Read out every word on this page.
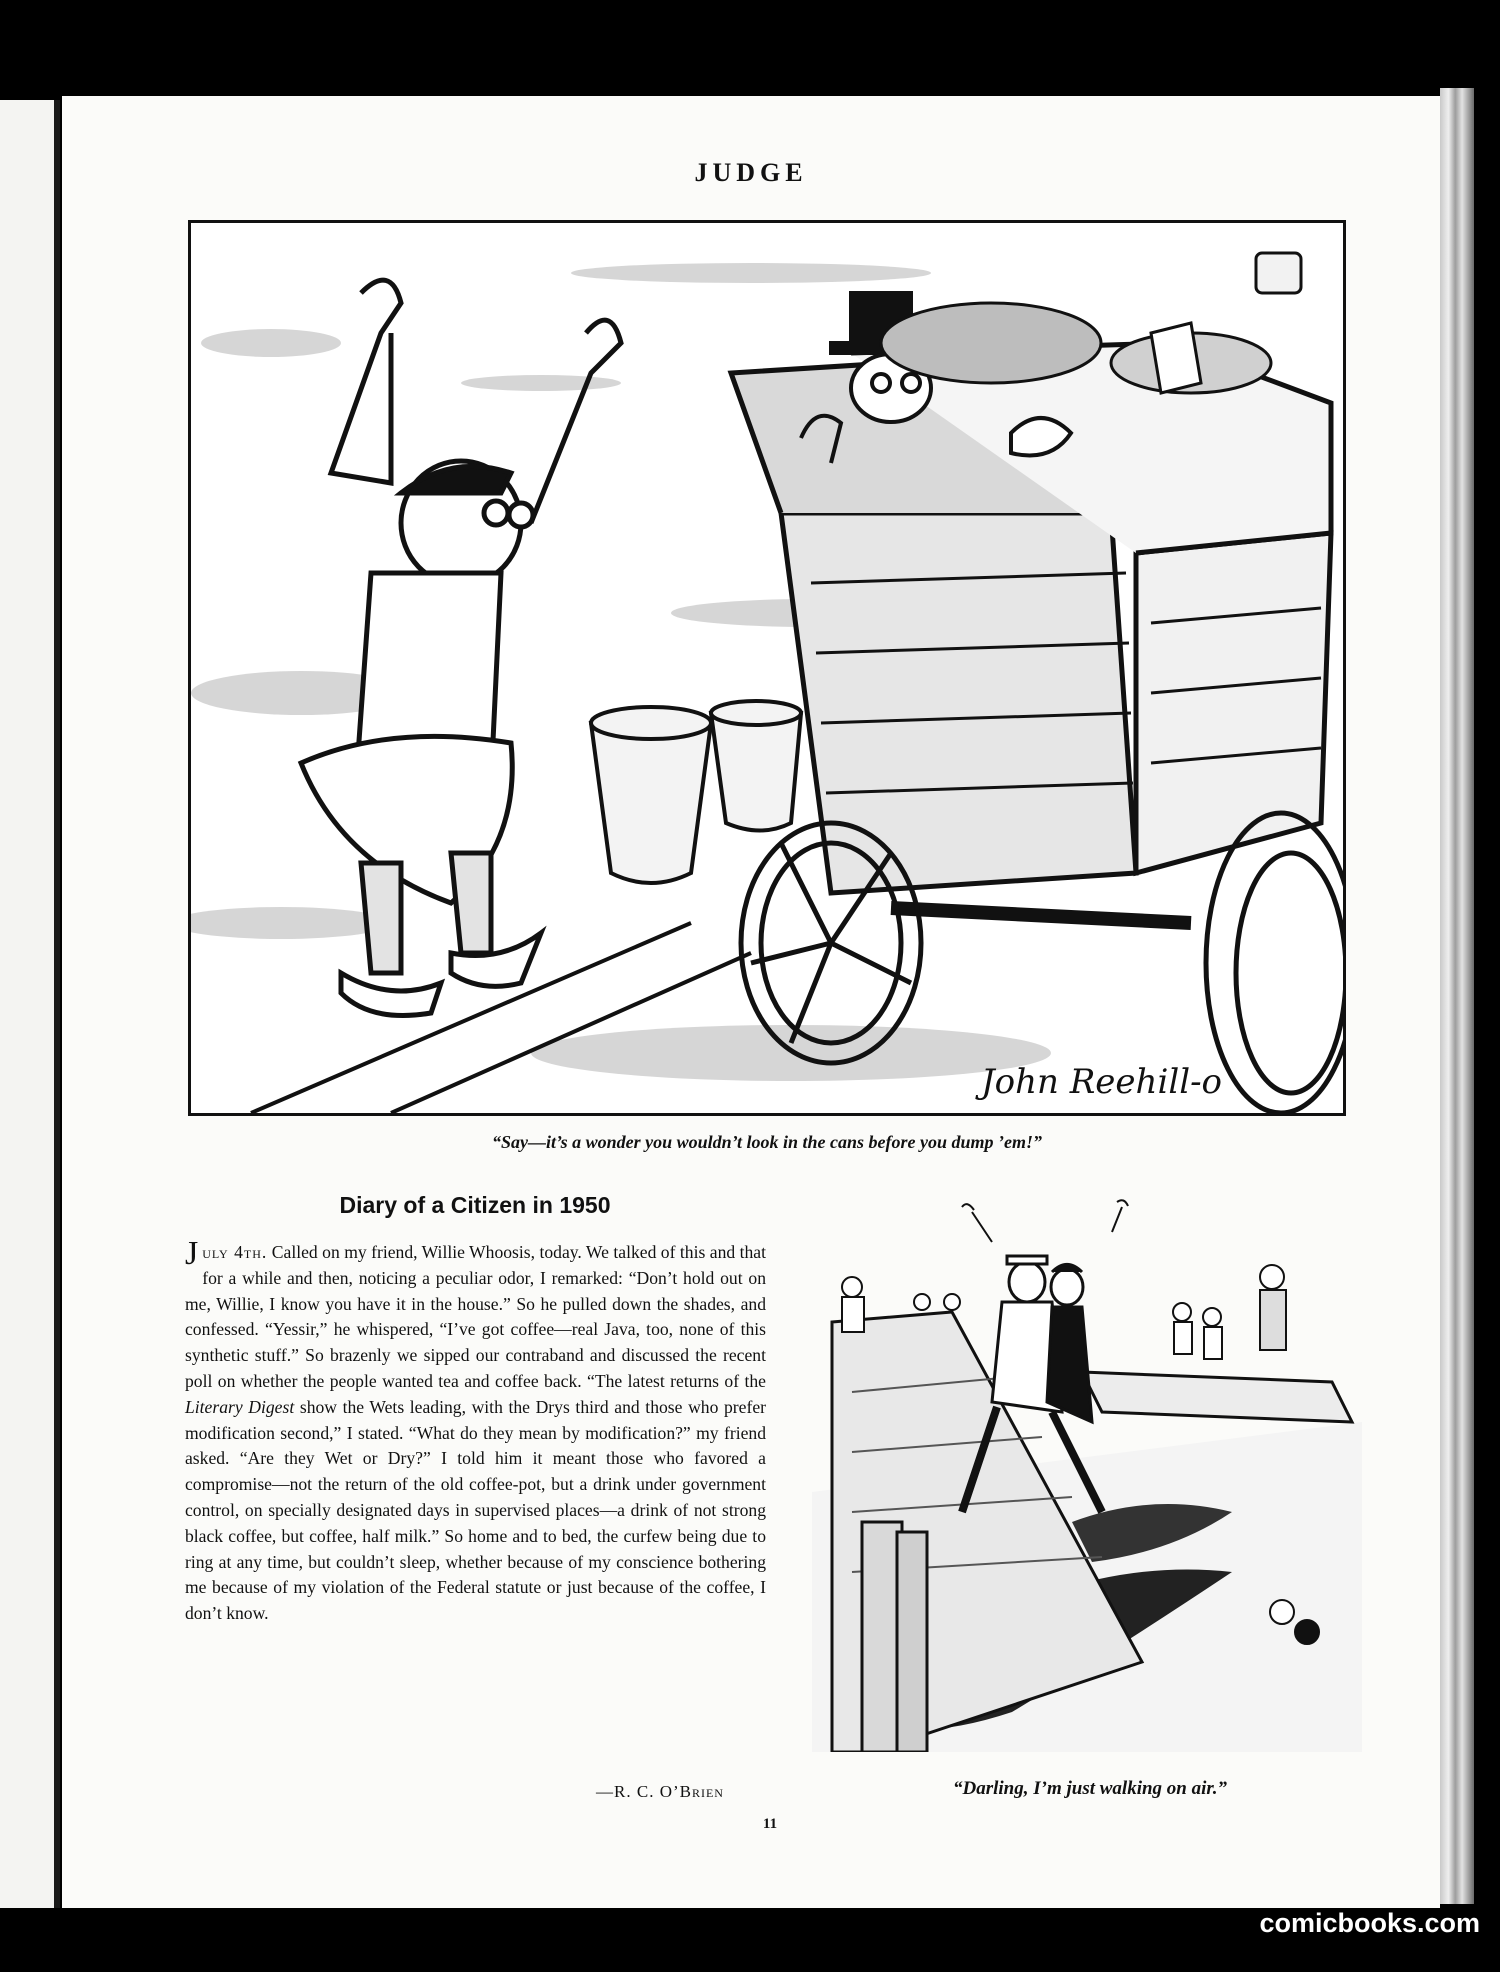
JUDGE
John Reehill-o
“Say—it’s a wonder you wouldn’t look in the cans before you dump ’em!”
Diary of a Citizen in 1950
July 4th. Called on my friend, Willie Whoosis, today. We talked of this and that for a while and then, noticing a peculiar odor, I remarked: “Don’t hold out on me, Willie, I know you have it in the house.” So he pulled down the shades, and confessed. “Yessir,” he whispered, “I’ve got coffee—real Java, too, none of this synthetic stuff.” So brazenly we sipped our contraband and discussed the recent poll on whether the people wanted tea and coffee back. “The latest returns of the Literary Digest show the Wets leading, with the Drys third and those who prefer modification second,” I stated. “What do they mean by modification?” my friend asked. “Are they Wet or Dry?” I told him it meant those who favored a compromise—not the return of the old coffee-pot, but a drink under government control, on specially designated days in supervised places—a drink of not strong black coffee, but coffee, half milk.” So home and to bed, the curfew being due to ring at any time, but couldn’t sleep, whether because of my conscience bothering me because of my violation of the Federal statute or just because of the coffee, I don’t know.
—R. C. O’Brien	“Darling, I’m just walking on air.”
11
comicbooks.com
